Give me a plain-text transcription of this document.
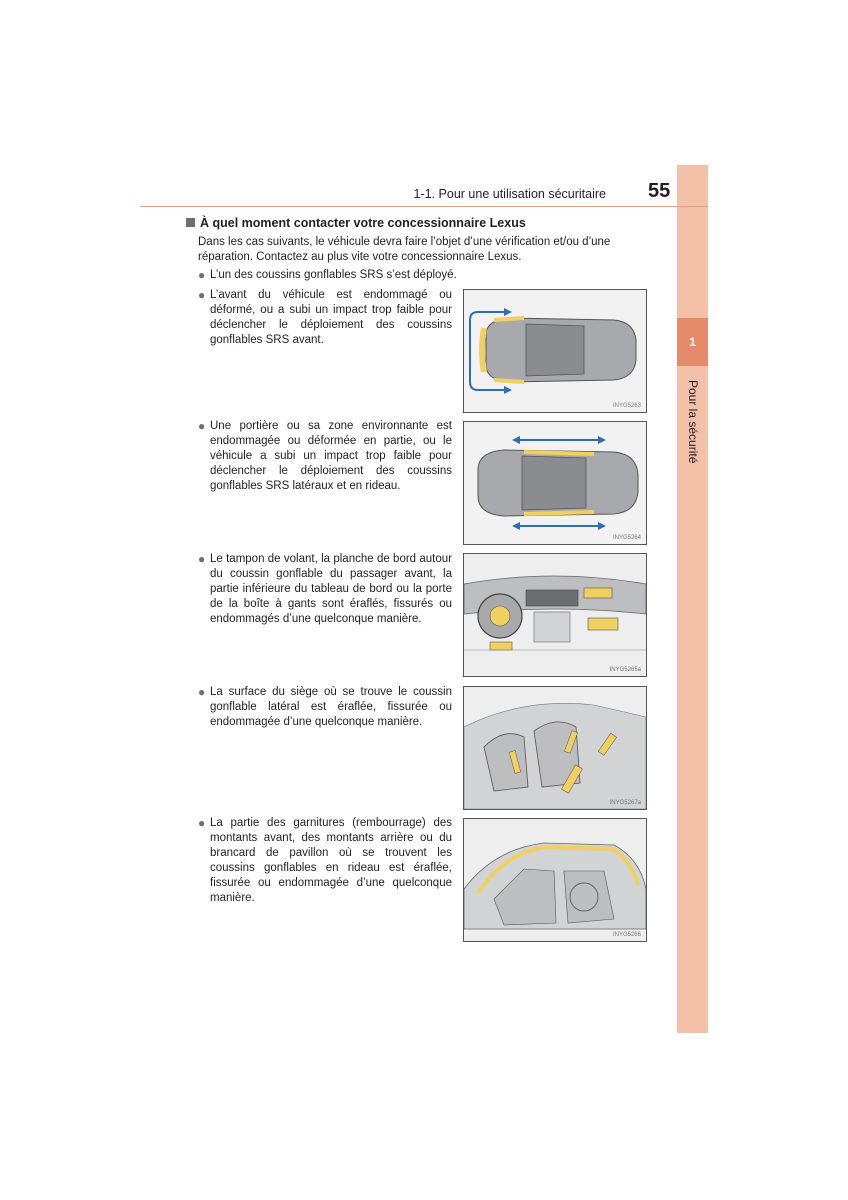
1
Pour la sécurité
1-1. Pour une utilisation sécuritaire 55
À quel moment contacter votre concessionnaire Lexus
Dans les cas suivants, le véhicule devra faire l’objet d’une vérification et/ou d’une réparation. Contactez au plus vite votre concessionnaire Lexus.
● L’un des coussins gonflables SRS s’est déployé.
● L’avant du véhicule est endommagé ou déformé, ou a subi un impact trop faible pour déclencher le déploiement des coussins gonflables SRS avant.
INYG5263
● Une portière ou sa zone environnante est endommagée ou déformée en partie, ou le véhicule a subi un impact trop faible pour déclencher le déploiement des coussins gonflables SRS latéraux et en rideau.
INYG5264
● Le tampon de volant, la planche de bord autour du coussin gonflable du passager avant, la partie inférieure du tableau de bord ou la porte de la boîte à gants sont éraflés, fissurés ou endommagés d’une quelconque manière.
INYG5265a
● La surface du siège où se trouve le coussin gonflable latéral est éraflée, fissurée ou endommagée d’une quelconque manière.
INYG5267a
● La partie des garnitures (rembourrage) des montants avant, des montants arrière ou du brancard de pavillon où se trouvent les coussins gonflables en rideau est éraflée, fissurée ou endommagée d’une quelconque manière.
INYG5266
